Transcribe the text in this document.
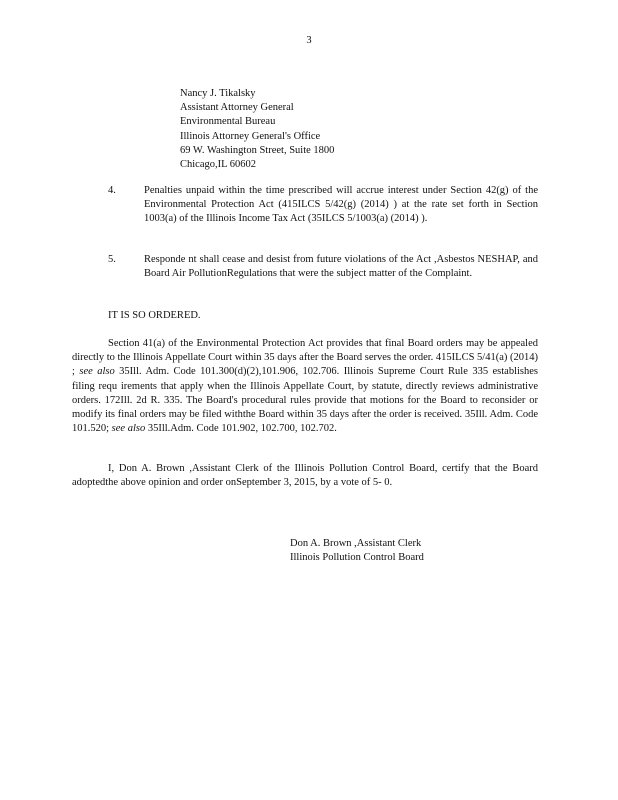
3
Nancy J. Tikalsky
Assistant Attorney General
Environmental Bureau
Illinois Attorney General's Office
69 W. Washington Street, Suite 1800
Chicago,IL 60602
4.	Penalties unpaid within the time prescribed will accrue interest under Section 42(g) of the Environmental Protection Act (415ILCS 5/42(g) (2014) ) at the rate set forth in Section 1003(a) of the Illinois Income Tax Act (35ILCS 5/1003(a) (2014) ).
5.	Responde nt shall cease and desist from future violations of the Act ,Asbestos NESHAP, and Board Air PollutionRegulations that were the subject matter of the Complaint.
IT IS SO ORDERED.
Section 41(a) of the Environmental Protection Act provides that final Board orders may be appealed directly to the Illinois Appellate Court within 35 days after the Board serves the order. 415ILCS 5/41(a) (2014) ; see also 35Ill. Adm. Code 101.300(d)(2),101.906, 102.706. Illinois Supreme Court Rule 335 establishes filing requ irements that apply when the Illinois Appellate Court, by statute, directly reviews administrative orders. 172Ill. 2d R. 335. The Board's procedural rules provide that motions for the Board to reconsider or modify its final orders may be filed withthe Board within 35 days after the order is received. 35Ill. Adm. Code 101.520; see also 35Ill.Adm. Code 101.902, 102.700, 102.702.
I, Don A. Brown ,Assistant Clerk of the Illinois Pollution Control Board, certify that the Board adoptedthe above opinion and order onSeptember 3, 2015, by a vote of 5- 0.
Don A. Brown ,Assistant Clerk
Illinois Pollution Control Board
